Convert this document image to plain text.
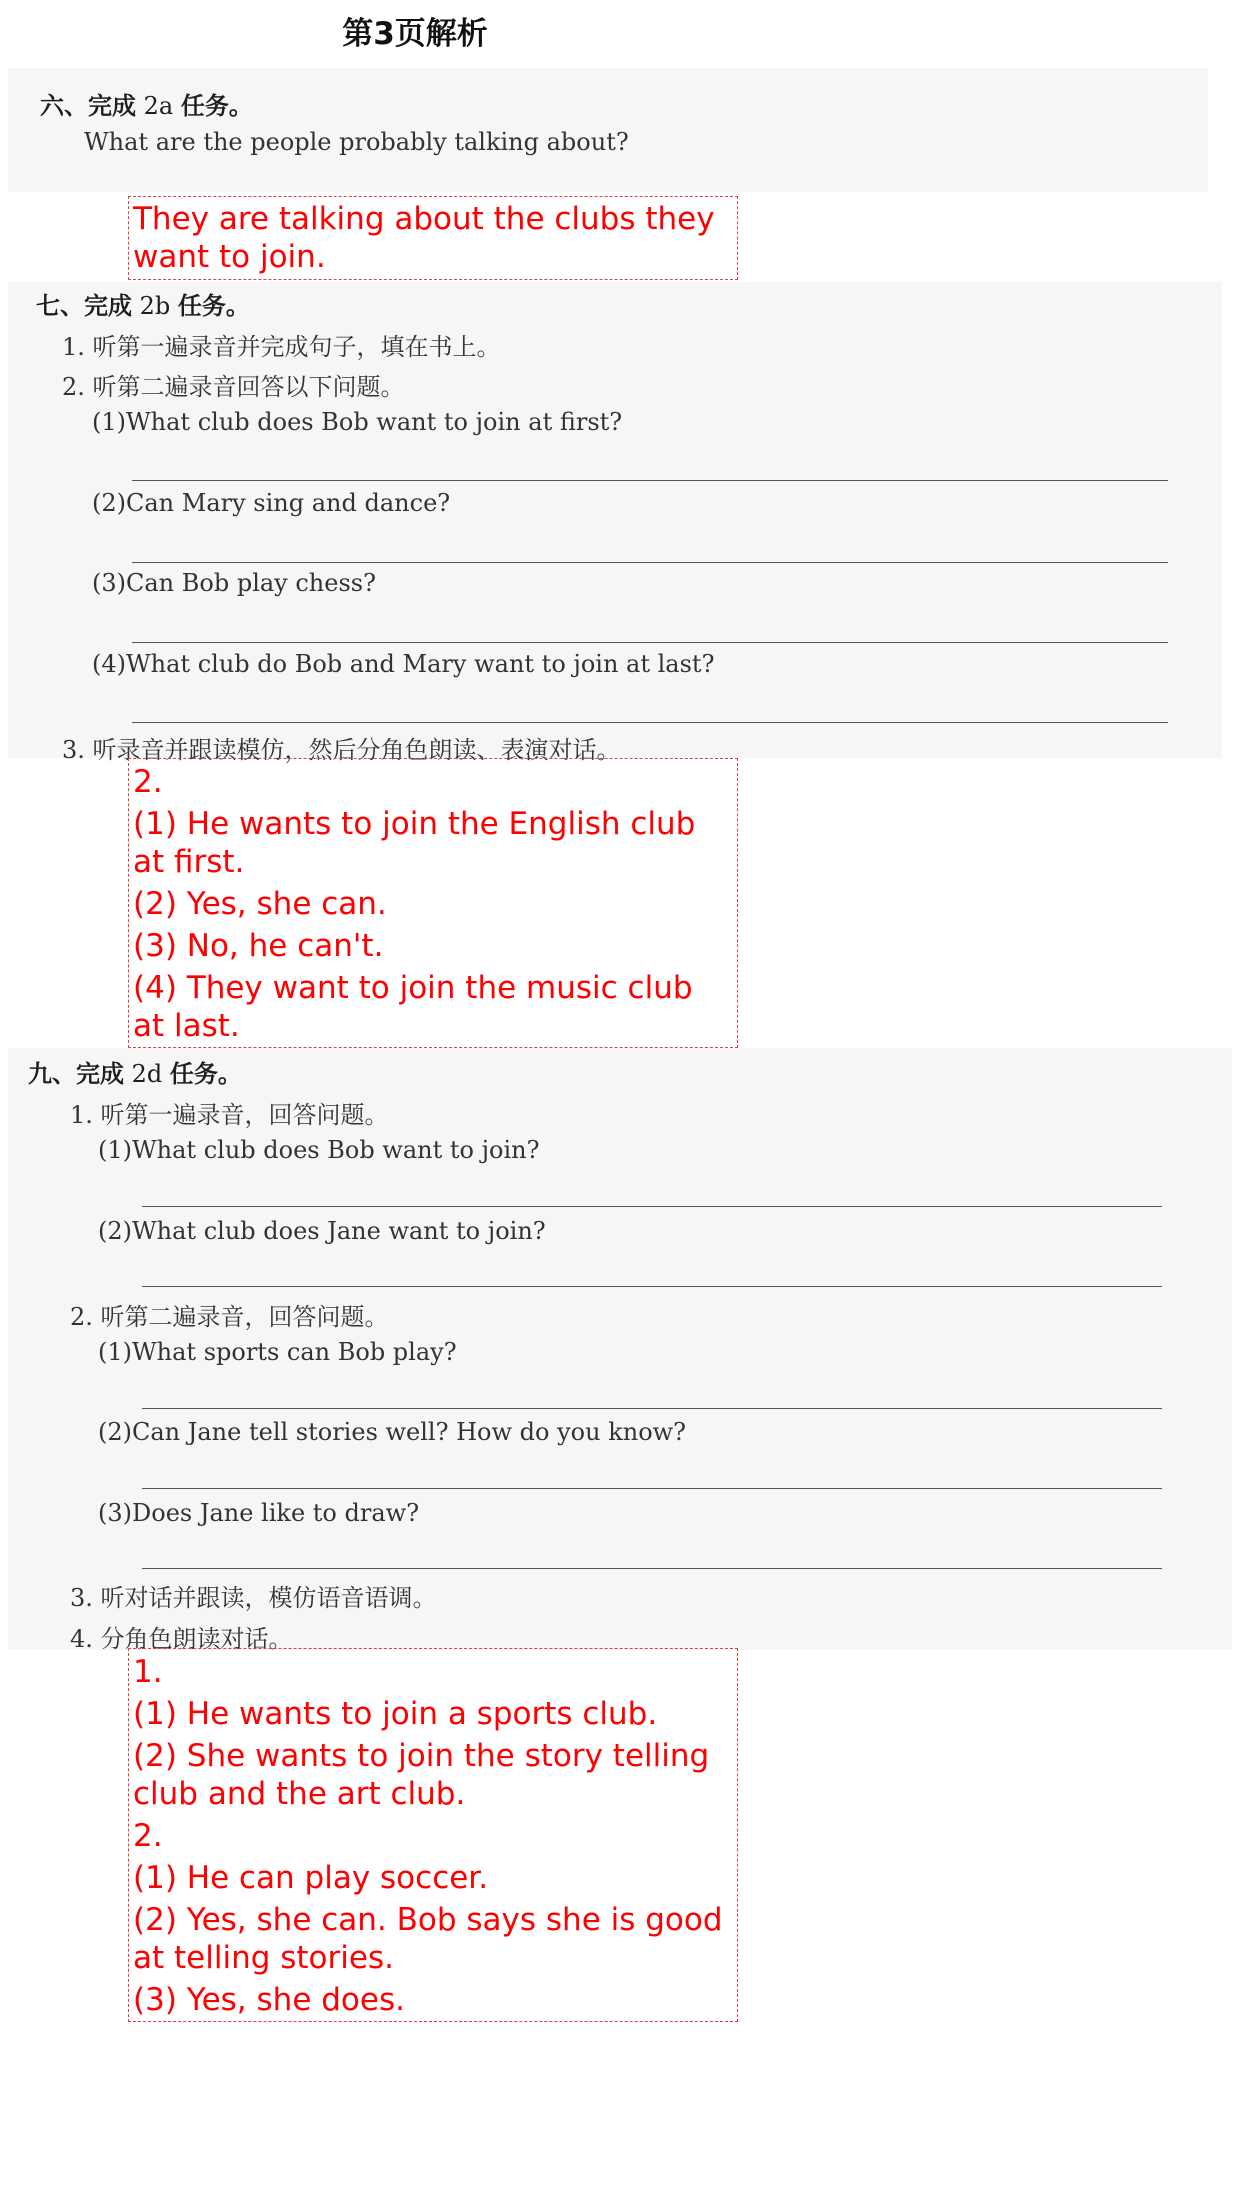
第3页解析
六、完成 2a 任务。
What are the people probably talking about?
They are talking about the clubs they want to join.
七、完成 2b 任务。
1. 听第一遍录音并完成句子，填在书上。
2. 听第二遍录音回答以下问题。
(1)What club does Bob want to join at first?
(2)Can Mary sing and dance?
(3)Can Bob play chess?
(4)What club do Bob and Mary want to join at last?
3. 听录音并跟读模仿，然后分角色朗读、表演对话。
2.
(1) He wants to join the English club at first.
(2) Yes, she can.
(3) No, he can't.
(4) They want to join the music club at last.
九、完成 2d 任务。
1. 听第一遍录音，回答问题。
(1)What club does Bob want to join?
(2)What club does Jane want to join?
2. 听第二遍录音，回答问题。
(1)What sports can Bob play?
(2)Can Jane tell stories well? How do you know?
(3)Does Jane like to draw?
3. 听对话并跟读，模仿语音语调。
4. 分角色朗读对话。
1.
(1) He wants to join a sports club.
(2) She wants to join the story telling club and the art club.
2.
(1) He can play soccer.
(2) Yes, she can. Bob says she is good at telling stories.
(3) Yes, she does.
